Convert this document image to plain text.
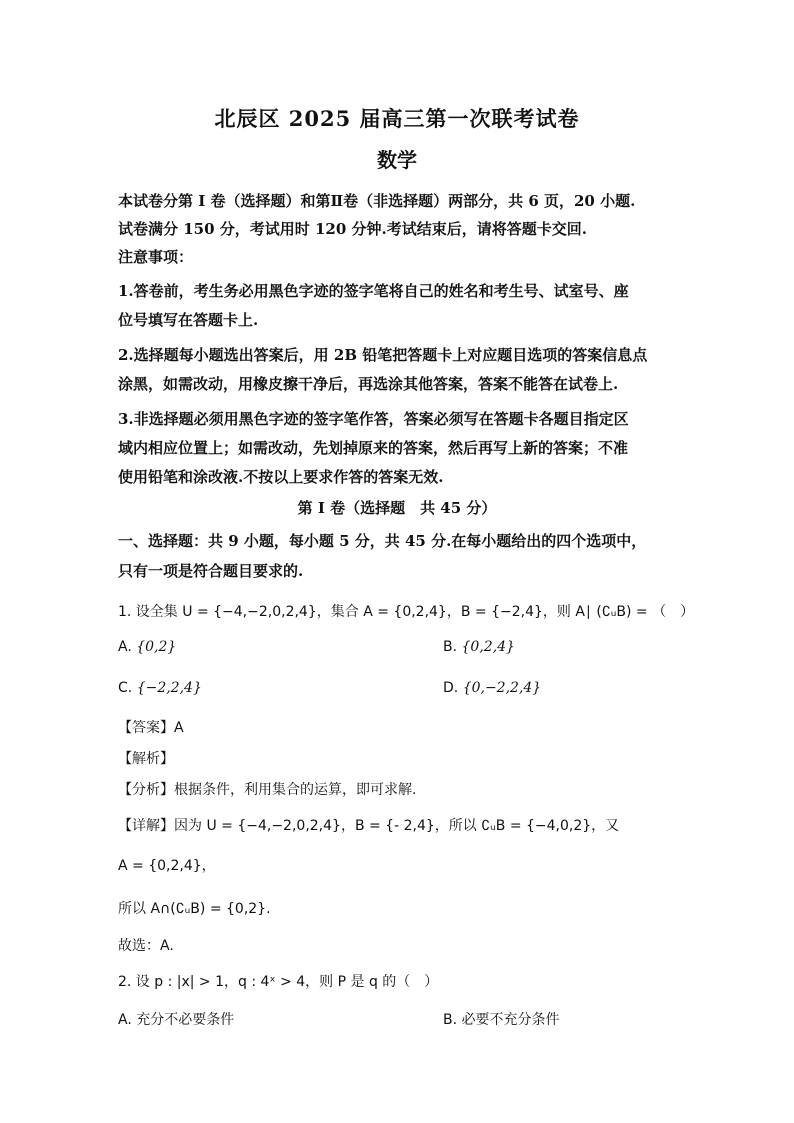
北辰区 2025 届高三第一次联考试卷
数学
本试卷分第 I 卷（选择题）和第Ⅱ卷（非选择题）两部分，共 6 页，20 小题.
试卷满分 150 分，考试用时 120 分钟.考试结束后，请将答题卡交回.
注意事项：
1.答卷前，考生务必用黑色字迹的签字笔将自己的姓名和考生号、试室号、座
位号填写在答题卡上.
2.选择题每小题选出答案后，用 2B 铅笔把答题卡上对应题目选项的答案信息点
涂黑，如需改动，用橡皮擦干净后，再选涂其他答案，答案不能答在试卷上.
3.非选择题必须用黑色字迹的签字笔作答，答案必须写在答题卡各题目指定区
域内相应位置上；如需改动，先划掉原来的答案，然后再写上新的答案；不准
使用铅笔和涂改液.不按以上要求作答的答案无效.
第 I 卷（选择题　共 45 分）
一、选择题：共 9 小题，每小题 5 分，共 45 分.在每小题给出的四个选项中，
只有一项是符合题目要求的.
1. 设全集 U = {−4,−2,0,2,4}，集合 A = {0,2,4}，B = {−2,4}，则 A∣ (∁ᵤB) = （　）
A. {0,2}	B. {0,2,4}
C. {−2,2,4}	D. {0,−2,2,4}
【答案】A
【解析】
【分析】根据条件，利用集合的运算，即可求解.
【详解】因为 U = {−4,−2,0,2,4}，B = {- 2,4}，所以 ∁ᵤB = {−4,0,2}，又
A = {0,2,4}，
所以 A∩(∁ᵤB) = {0,2}.
故选：A.
2. 设 p : |x| > 1，q : 4ˣ > 4，则 P 是 q 的（　）
A. 充分不必要条件	B. 必要不充分条件
